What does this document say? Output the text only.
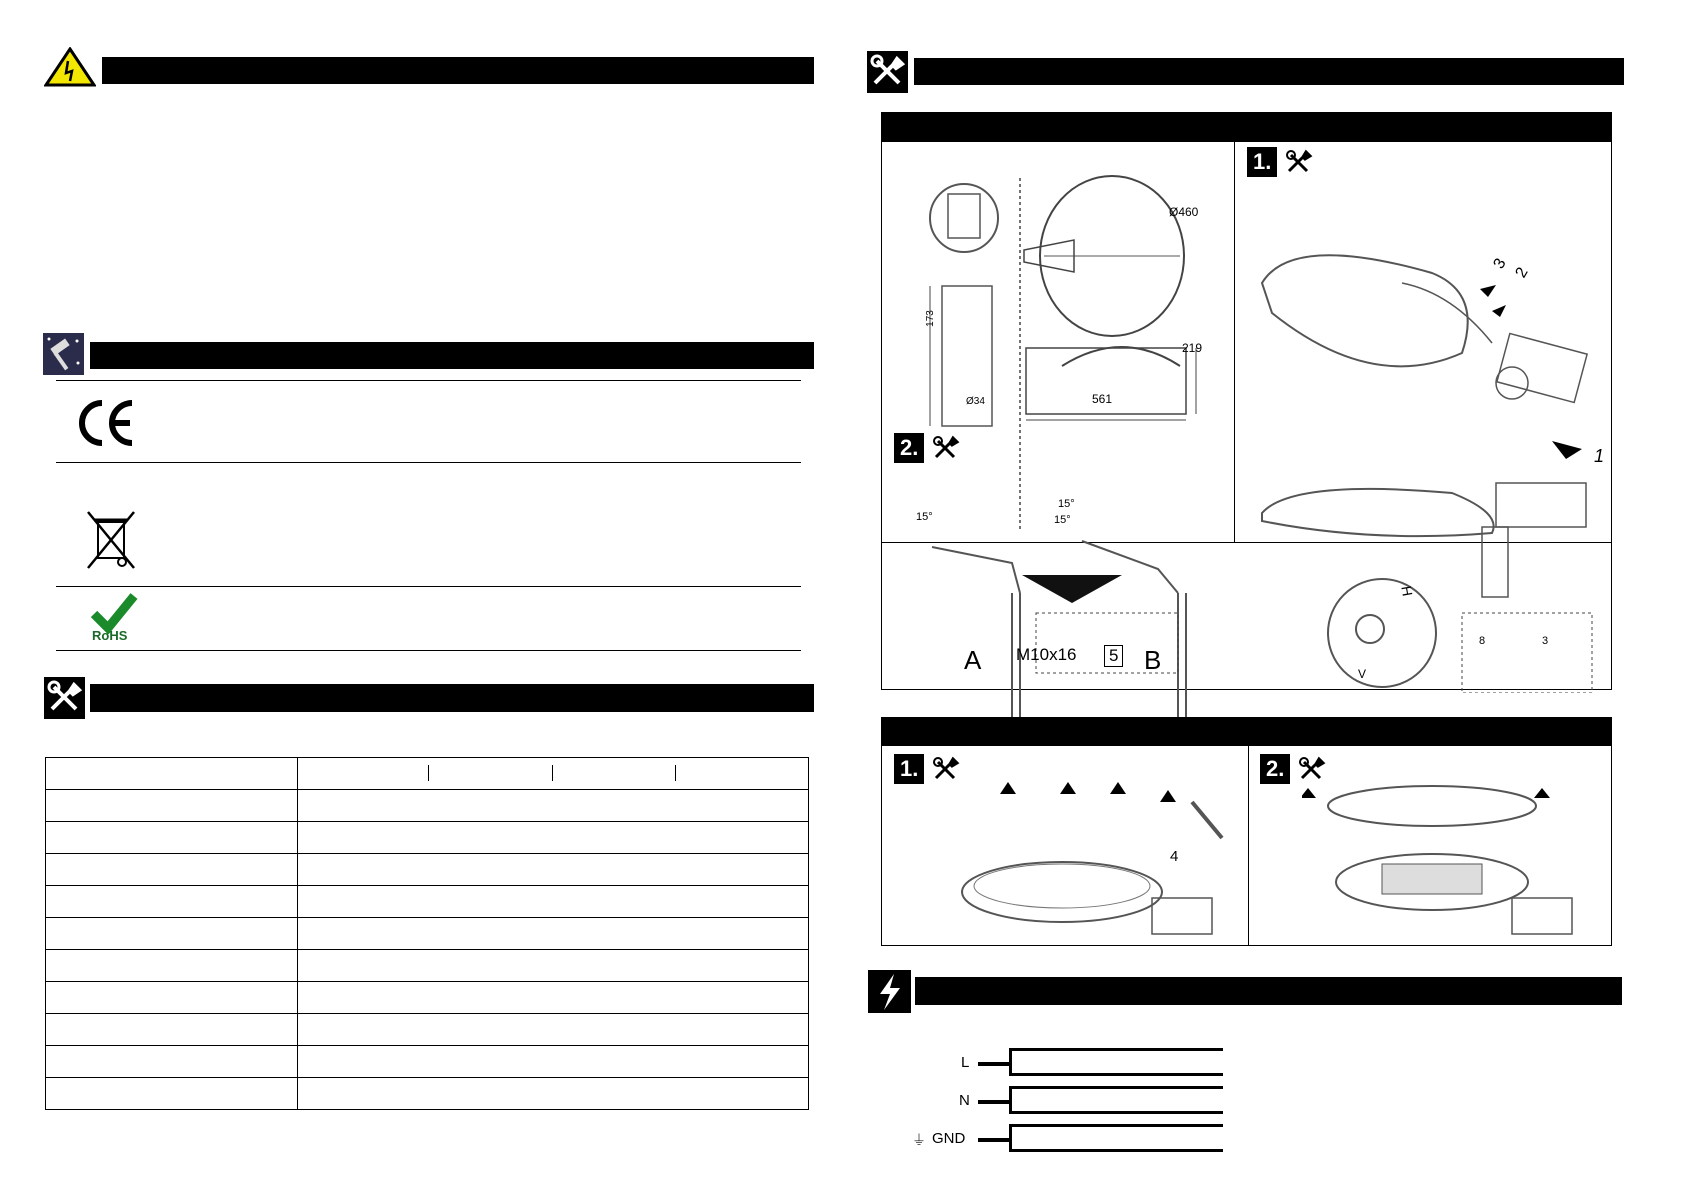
RoHS

Ø460
219
561
173
Ø34
1.
1
2
3
2.
15°
15°
15°
M10x16 5
A	B
H
V
8	3
1.
4
2.
L
N
⏚ GND
